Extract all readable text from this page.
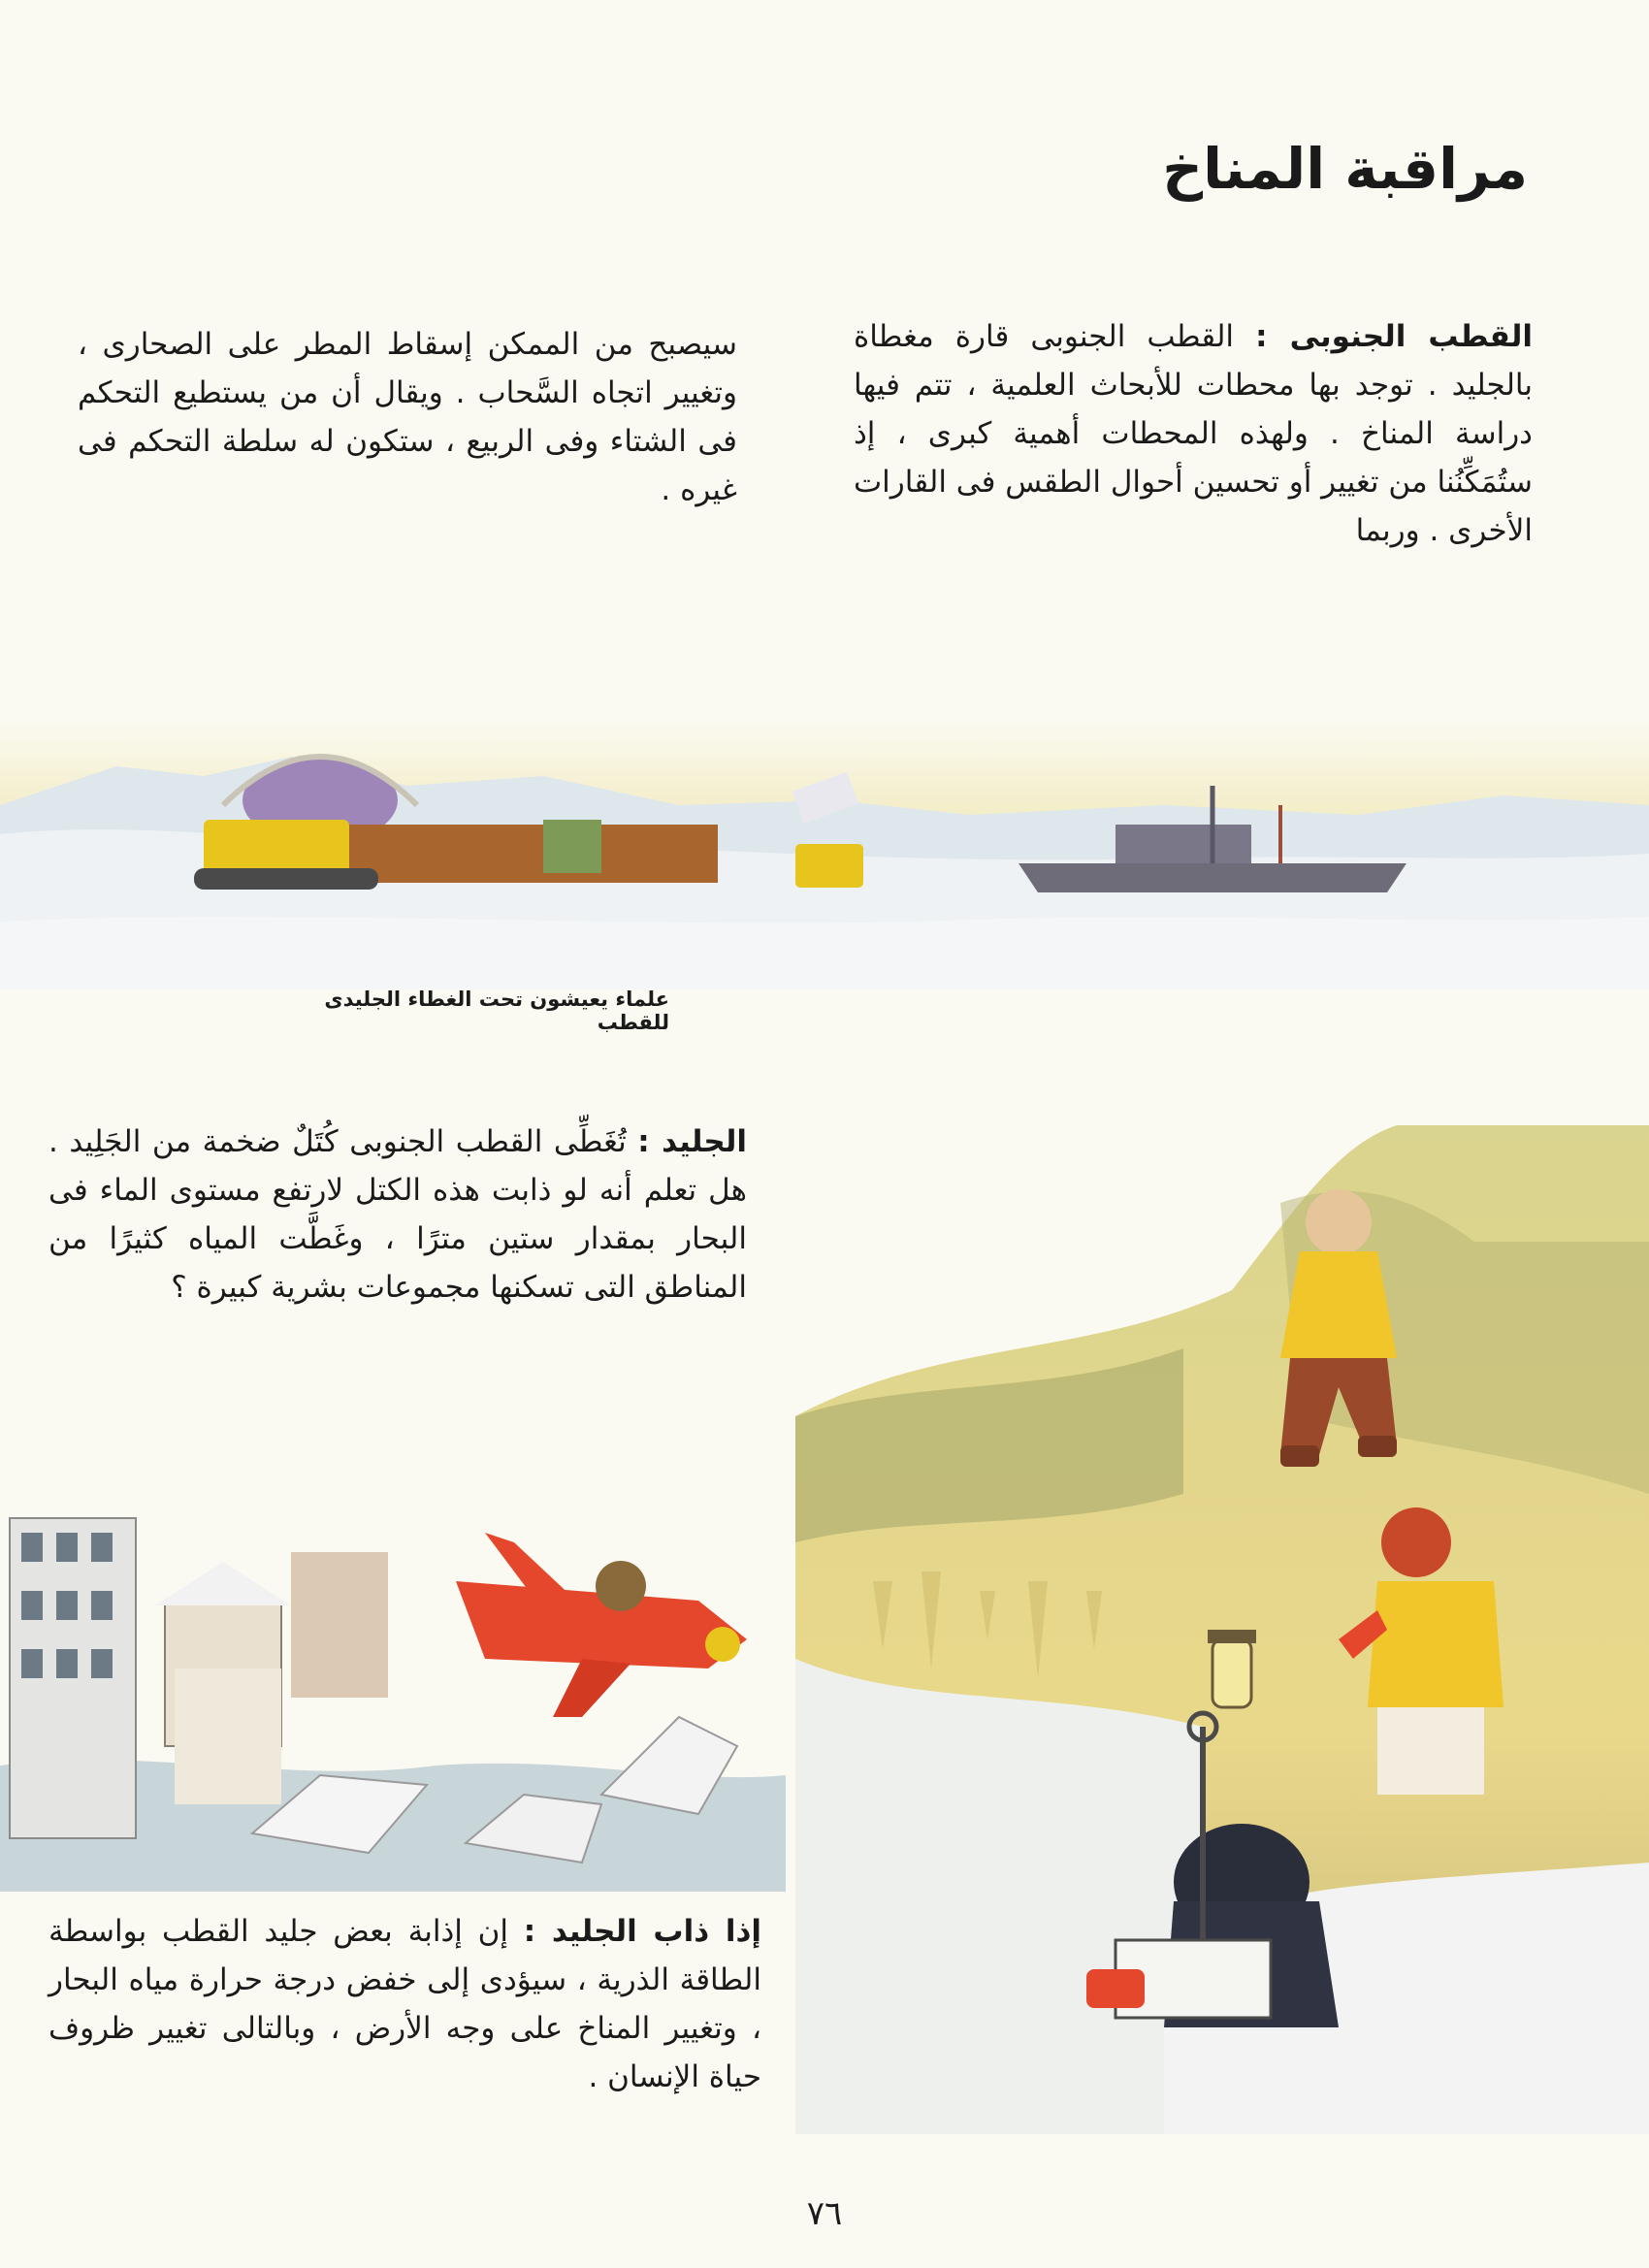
مراقبة المناخ

القطب الجنوبى : القطب الجنوبى قارة مغطاة بالجليد . توجد بها محطات للأبحاث العلمية ، تتم فيها دراسة المناخ . ولهذه المحطات أهمية كبرى ، إذ ستُمَكِّنُنا من تغيير أو تحسين أحوال الطقس فى القارات الأخرى . وربما

سيصبح من الممكن إسقاط المطر على الصحارى ، وتغيير اتجاه السَّحاب . ويقال أن من يستطيع التحكم فى الشتاء وفى الربيع ، ستكون له سلطة التحكم فى غيره .

علماء يعيشون تحت الغطاء الجليدى للقطب

الجليد : تُغَطِّى القطب الجنوبى كُتَلٌ ضخمة من الجَلِيد . هل تعلم أنه لو ذابت هذه الكتل لارتفع مستوى الماء فى البحار بمقدار ستين مترًا ، وغَطَّت المياه كثيرًا من المناطق التى تسكنها مجموعات بشرية كبيرة ؟

إذا ذاب الجليد : إن إذابة بعض جليد القطب بواسطة الطاقة الذرية ، سيؤدى إلى خفض درجة حرارة مياه البحار ، وتغيير المناخ على وجه الأرض ، وبالتالى تغيير ظروف حياة الإنسان .

٧٦
